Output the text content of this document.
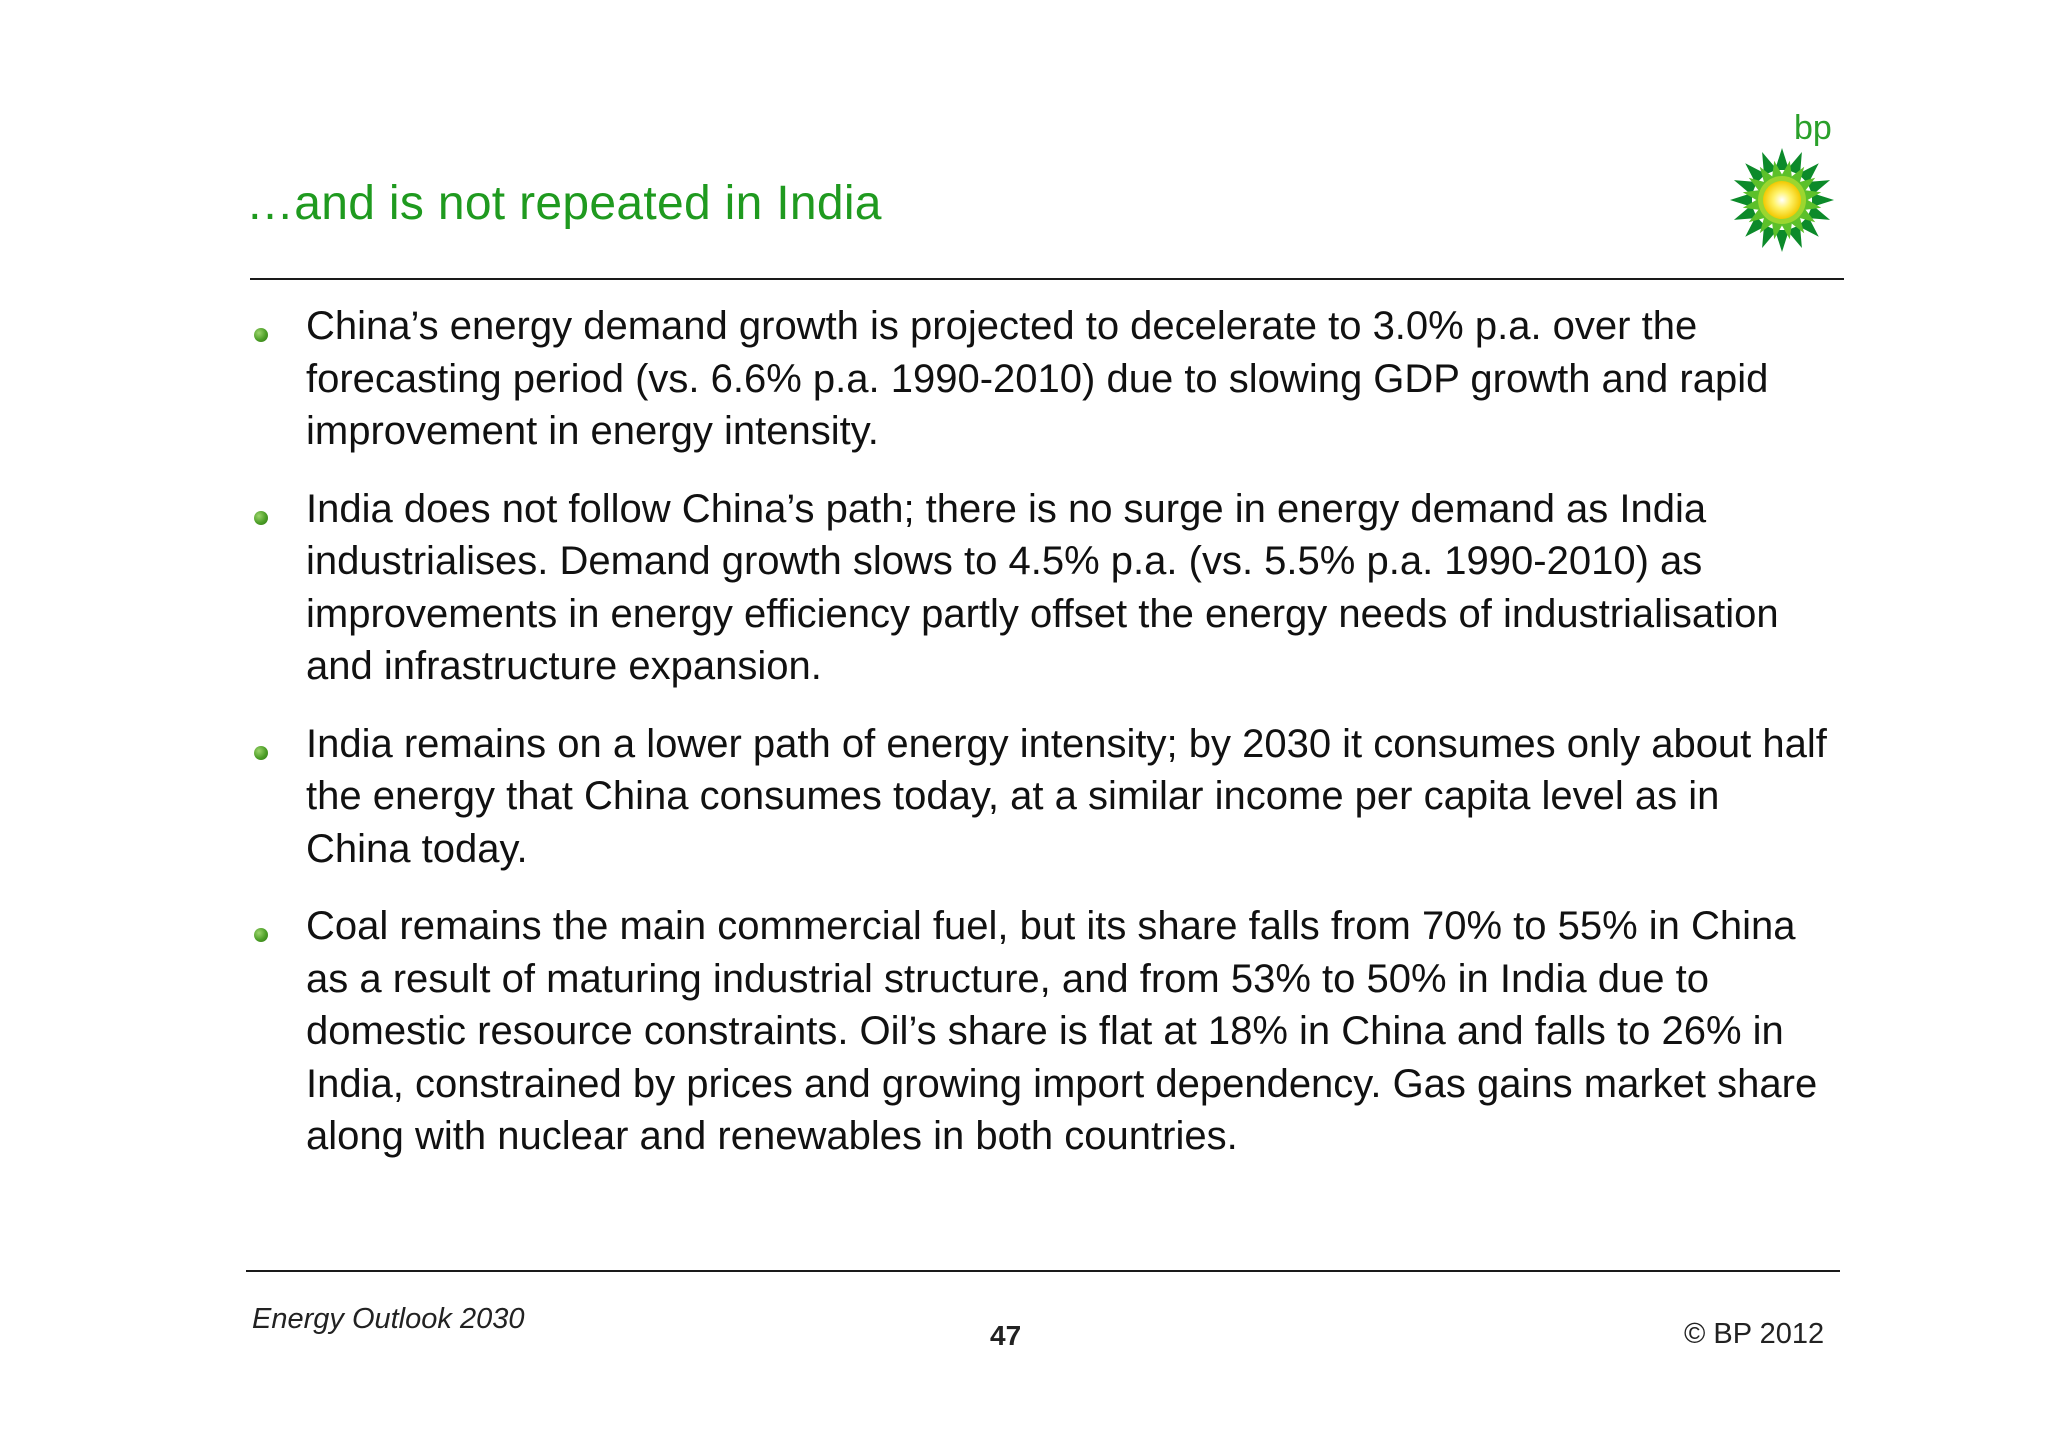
…and is not repeated in India
bp
China’s energy demand growth is projected to decelerate to 3.0% p.a. over the forecasting period (vs. 6.6% p.a. 1990-2010) due to slowing GDP growth and rapid improvement in energy intensity.
India does not follow China’s path; there is no surge in energy demand as India industrialises. Demand growth slows to 4.5% p.a. (vs. 5.5% p.a. 1990-2010) as improvements in energy efficiency partly offset the energy needs of industrialisation and infrastructure expansion.
India remains on a lower path of energy intensity; by 2030 it consumes only about half the energy that China consumes today, at a similar income per capita level as in China today.
Coal remains the main commercial fuel, but its share falls from 70% to 55% in China as a result of maturing industrial structure, and from 53% to 50% in India due to domestic resource constraints. Oil’s share is flat at 18% in China and falls to 26% in India, constrained by prices and growing import dependency. Gas gains market share along with nuclear and renewables in both countries.
Energy Outlook 2030
47	© BP 2012
